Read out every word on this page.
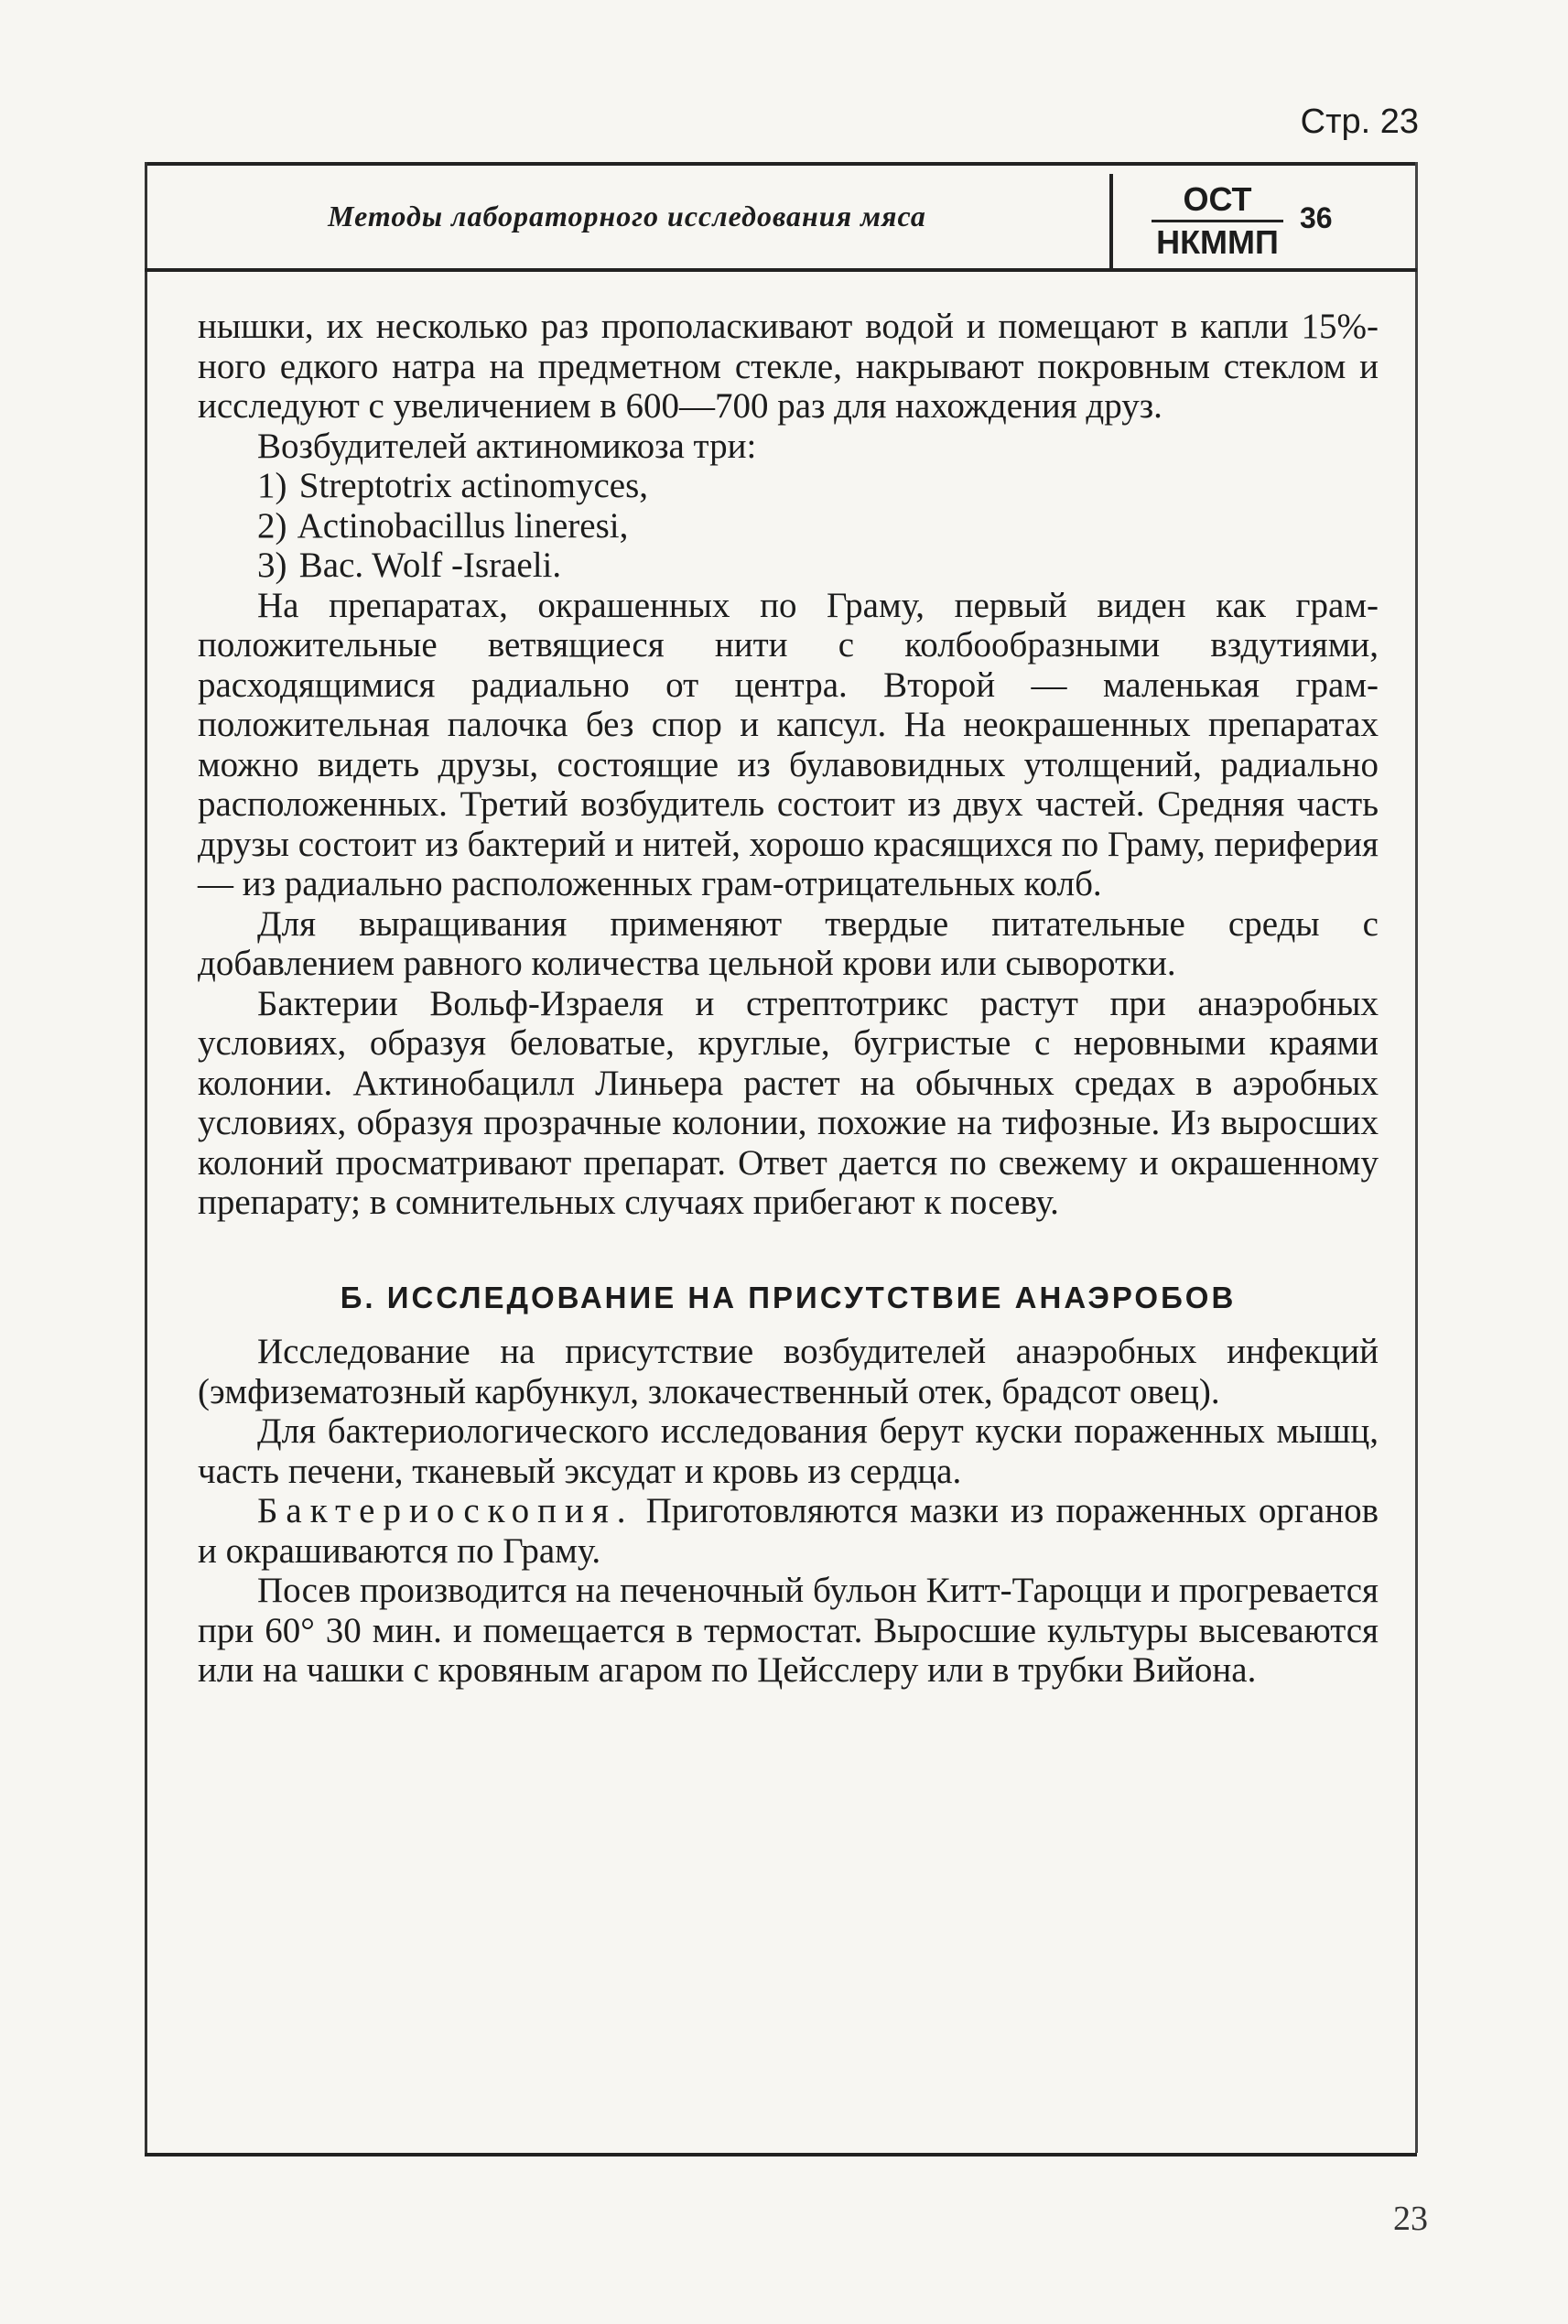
Стр. 23
Методы лабораторного исследования мяса	ОСТ
НКММП
36

нышки, их несколько раз прополаскивают водой и помещают в капли 15%-ного едкого натра на предметном стекле, накрывают покровным стеклом и исследуют с увеличением в 600—700 раз для нахождения друз.

Возбудителей актиномикоза три:

1) Streptotrix actinomyces,
2) Actinobacillus lineresi,
3) Bac. Wolf -Israeli.

На препаратах, окрашенных по Граму, первый виден как грам-положительные ветвящиеся нити с колбообразными вздутиями, расходящимися радиально от центра. Второй — маленькая грам-положительная палочка без спор и капсул. На неокрашенных препаратах можно видеть друзы, состоящие из булавовидных утолщений, радиально расположенных. Третий возбудитель состоит из двух частей. Средняя часть друзы состоит из бактерий и нитей, хорошо красящихся по Граму, периферия — из радиально расположенных грам-отрицательных колб.

Для выращивания применяют твердые питательные среды с добавлением равного количества цельной крови или сыворотки.

Бактерии Вольф-Израеля и стрептотрикс растут при анаэробных условиях, образуя беловатые, круглые, бугристые с неровными краями колонии. Актинобацилл Линьера растет на обычных средах в аэробных условиях, образуя прозрачные колонии, похожие на тифозные. Из выросших колоний просматривают препарат. Ответ дается по свежему и окрашенному препарату; в сомнительных случаях прибегают к посеву.

Б. ИССЛЕДОВАНИЕ НА ПРИСУТСТВИЕ АНАЭРОБОВ

Исследование на присутствие возбудителей анаэробных инфекций (эмфизематозный карбункул, злокачественный отек, брадсот овец).

Для бактериологического исследования берут куски пораженных мышц, часть печени, тканевый эксудат и кровь из сердца.

Бактериоскопия. Приготовляются мазки из пораженных органов и окрашиваются по Граму.

Посев производится на печеночный бульон Китт-Тароцци и прогревается при 60° 30 мин. и помещается в термостат. Выросшие культуры высеваются или на чашки с кровяным агаром по Цейсслеру или в трубки Вийона.

23
